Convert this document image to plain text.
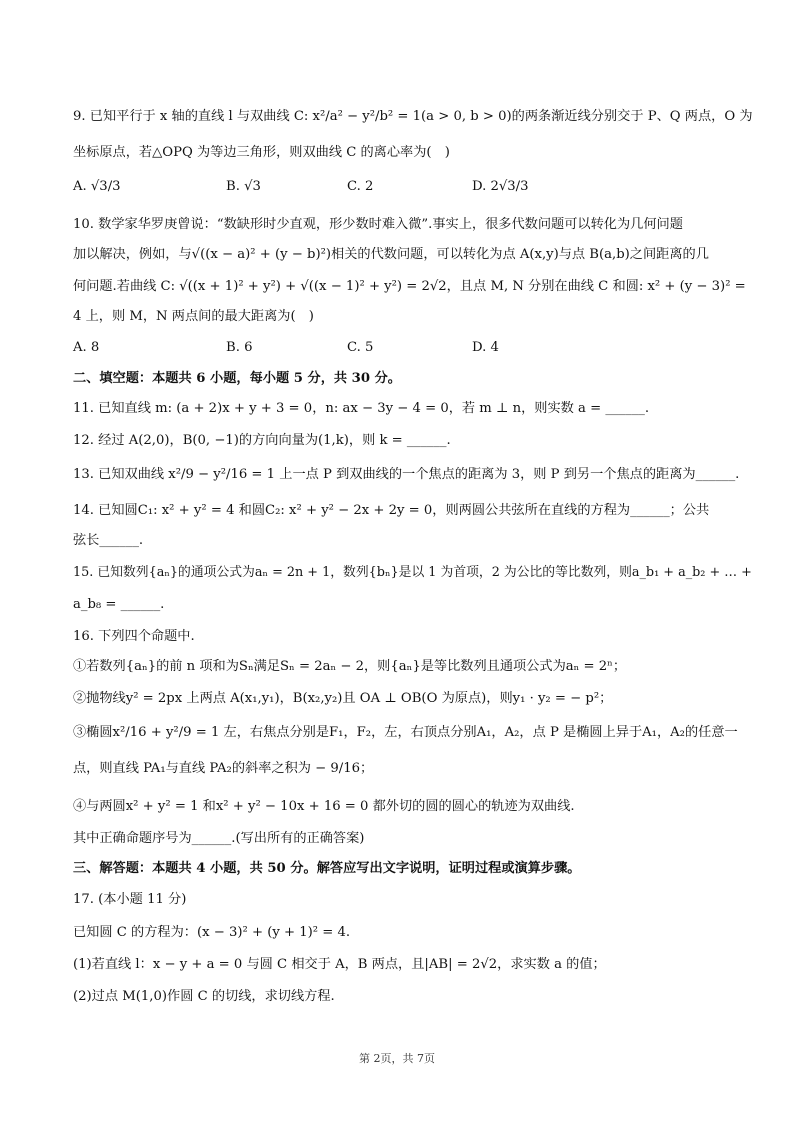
9. 已知平行于 x 轴的直线 l 与双曲线 C: x²/a² − y²/b² = 1(a > 0, b > 0)的两条渐近线分别交于 P、Q 两点，O 为
坐标原点，若△OPQ 为等边三角形，则双曲线 C 的离心率为(　)
A. √3/3	B. √3	C. 2	D. 2√3/3
10. 数学家华罗庚曾说：“数缺形时少直观，形少数时难入微”.事实上，很多代数问题可以转化为几何问题
加以解决，例如，与√((x − a)² + (y − b)²)相关的代数问题，可以转化为点 A(x,y)与点 B(a,b)之间距离的几
何问题.若曲线 C: √((x + 1)² + y²) + √((x − 1)² + y²) = 2√2，且点 M, N 分别在曲线 C 和圆: x² + (y − 3)² =
4 上，则 M，N 两点间的最大距离为(　)
A. 8	B. 6	C. 5	D. 4
二、填空题：本题共 6 小题，每小题 5 分，共 30 分。
11. 已知直线 m: (a + 2)x + y + 3 = 0，n: ax − 3y − 4 = 0，若 m ⊥ n，则实数 a = ______.
12. 经过 A(2,0)，B(0, −1)的方向向量为(1,k)，则 k = ______.
13. 已知双曲线 x²/9 − y²/16 = 1 上一点 P 到双曲线的一个焦点的距离为 3，则 P 到另一个焦点的距离为______.
14. 已知圆C₁: x² + y² = 4 和圆C₂: x² + y² − 2x + 2y = 0，则两圆公共弦所在直线的方程为______；公共
弦长______.
15. 已知数列{aₙ}的通项公式为aₙ = 2n + 1，数列{bₙ}是以 1 为首项，2 为公比的等比数列，则a_b₁ + a_b₂ + … +
a_b₈ = ______.
16. 下列四个命题中.
①若数列{aₙ}的前 n 项和为Sₙ满足Sₙ = 2aₙ − 2，则{aₙ}是等比数列且通项公式为aₙ = 2ⁿ；
②抛物线y² = 2px 上两点 A(x₁,y₁)，B(x₂,y₂)且 OA ⊥ OB(O 为原点)，则y₁ · y₂ = − p²；
③椭圆x²/16 + y²/9 = 1 左，右焦点分别是F₁，F₂，左，右顶点分别A₁，A₂，点 P 是椭圆上异于A₁，A₂的任意一
点，则直线 PA₁与直线 PA₂的斜率之积为 − 9/16；
④与两圆x² + y² = 1 和x² + y² − 10x + 16 = 0 都外切的圆的圆心的轨迹为双曲线.
其中正确命题序号为______.(写出所有的正确答案)
三、解答题：本题共 4 小题，共 50 分。解答应写出文字说明，证明过程或演算步骤。
17. (本小题 11 分)
已知圆 C 的方程为：(x − 3)² + (y + 1)² = 4.
(1)若直线 l：x − y + a = 0 与圆 C 相交于 A，B 两点，且|AB| = 2√2，求实数 a 的值；
(2)过点 M(1,0)作圆 C 的切线，求切线方程.
第 2页，共 7页
